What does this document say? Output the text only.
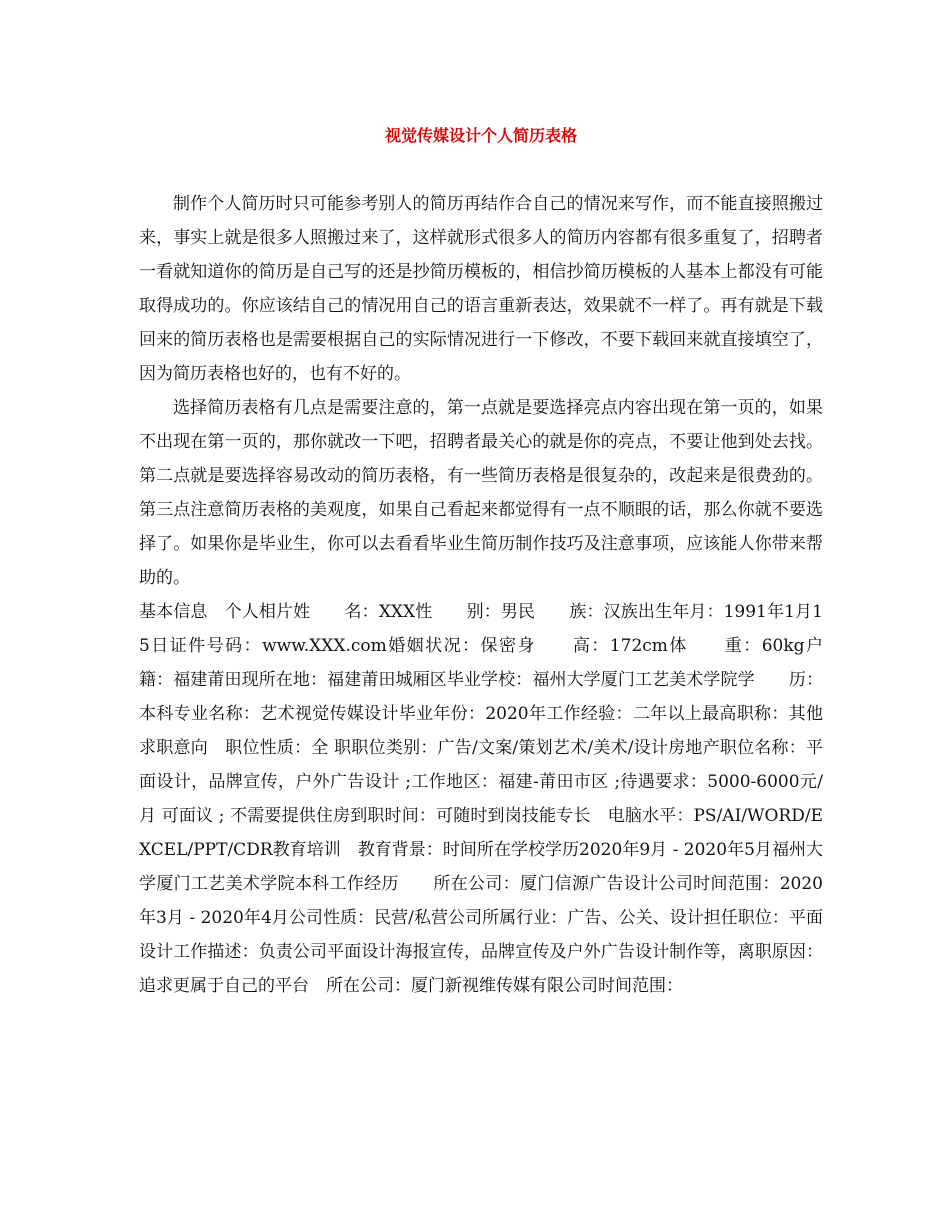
视觉传媒设计个人简历表格

制作个人简历时只可能参考别人的简历再结作合自己的情况来写作，而不能直接照搬过来，事实上就是很多人照搬过来了，这样就形式很多人的简历内容都有很多重复了，招聘者一看就知道你的简历是自己写的还是抄简历模板的，相信抄简历模板的人基本上都没有可能取得成功的。你应该结自己的情况用自己的语言重新表达，效果就不一样了。再有就是下载回来的简历表格也是需要根据自己的实际情况进行一下修改，不要下载回来就直接填空了，因为简历表格也好的，也有不好的。

选择简历表格有几点是需要注意的，第一点就是要选择亮点内容出现在第一页的，如果不出现在第一页的，那你就改一下吧，招聘者最关心的就是你的亮点，不要让他到处去找。第二点就是要选择容易改动的简历表格，有一些简历表格是很复杂的，改起来是很费劲的。第三点注意简历表格的美观度，如果自己看起来都觉得有一点不顺眼的话，那么你就不要选择了。如果你是毕业生，你可以去看看毕业生简历制作技巧及注意事项，应该能人你带来帮助的。

基本信息　个人相片姓　　名：XXX性　　别：男民　　族：汉族出生年月：1991年1月15日证件号码：www.XXX.com婚姻状况：保密身　　高：172cm体　　重：60kg户　　籍：福建莆田现所在地：福建莆田城厢区毕业学校：福州大学厦门工艺美术学院学　　历：本科专业名称：艺术视觉传媒设计毕业年份：2020年工作经验：二年以上最高职称：其他求职意向　职位性质：全 职职位类别：广告/文案/策划艺术/美术/设计房地产职位名称：平面设计，品牌宣传，户外广告设计 ;工作地区：福建-莆田市区 ;待遇要求：5000-6000元/月 可面议 ; 不需要提供住房到职时间：可随时到岗技能专长　电脑水平：PS/AI/WORD/EXCEL/PPT/CDR教育培训　教育背景：时间所在学校学历2020年9月 - 2020年5月福州大学厦门工艺美术学院本科工作经历　　所在公司：厦门信源广告设计公司时间范围：2020年3月 - 2020年4月公司性质：民营/私营公司所属行业：广告、公关、设计担任职位：平面设计工作描述：负责公司平面设计海报宣传，品牌宣传及户外广告设计制作等，离职原因：追求更属于自己的平台　所在公司：厦门新视维传媒有限公司时间范围：
